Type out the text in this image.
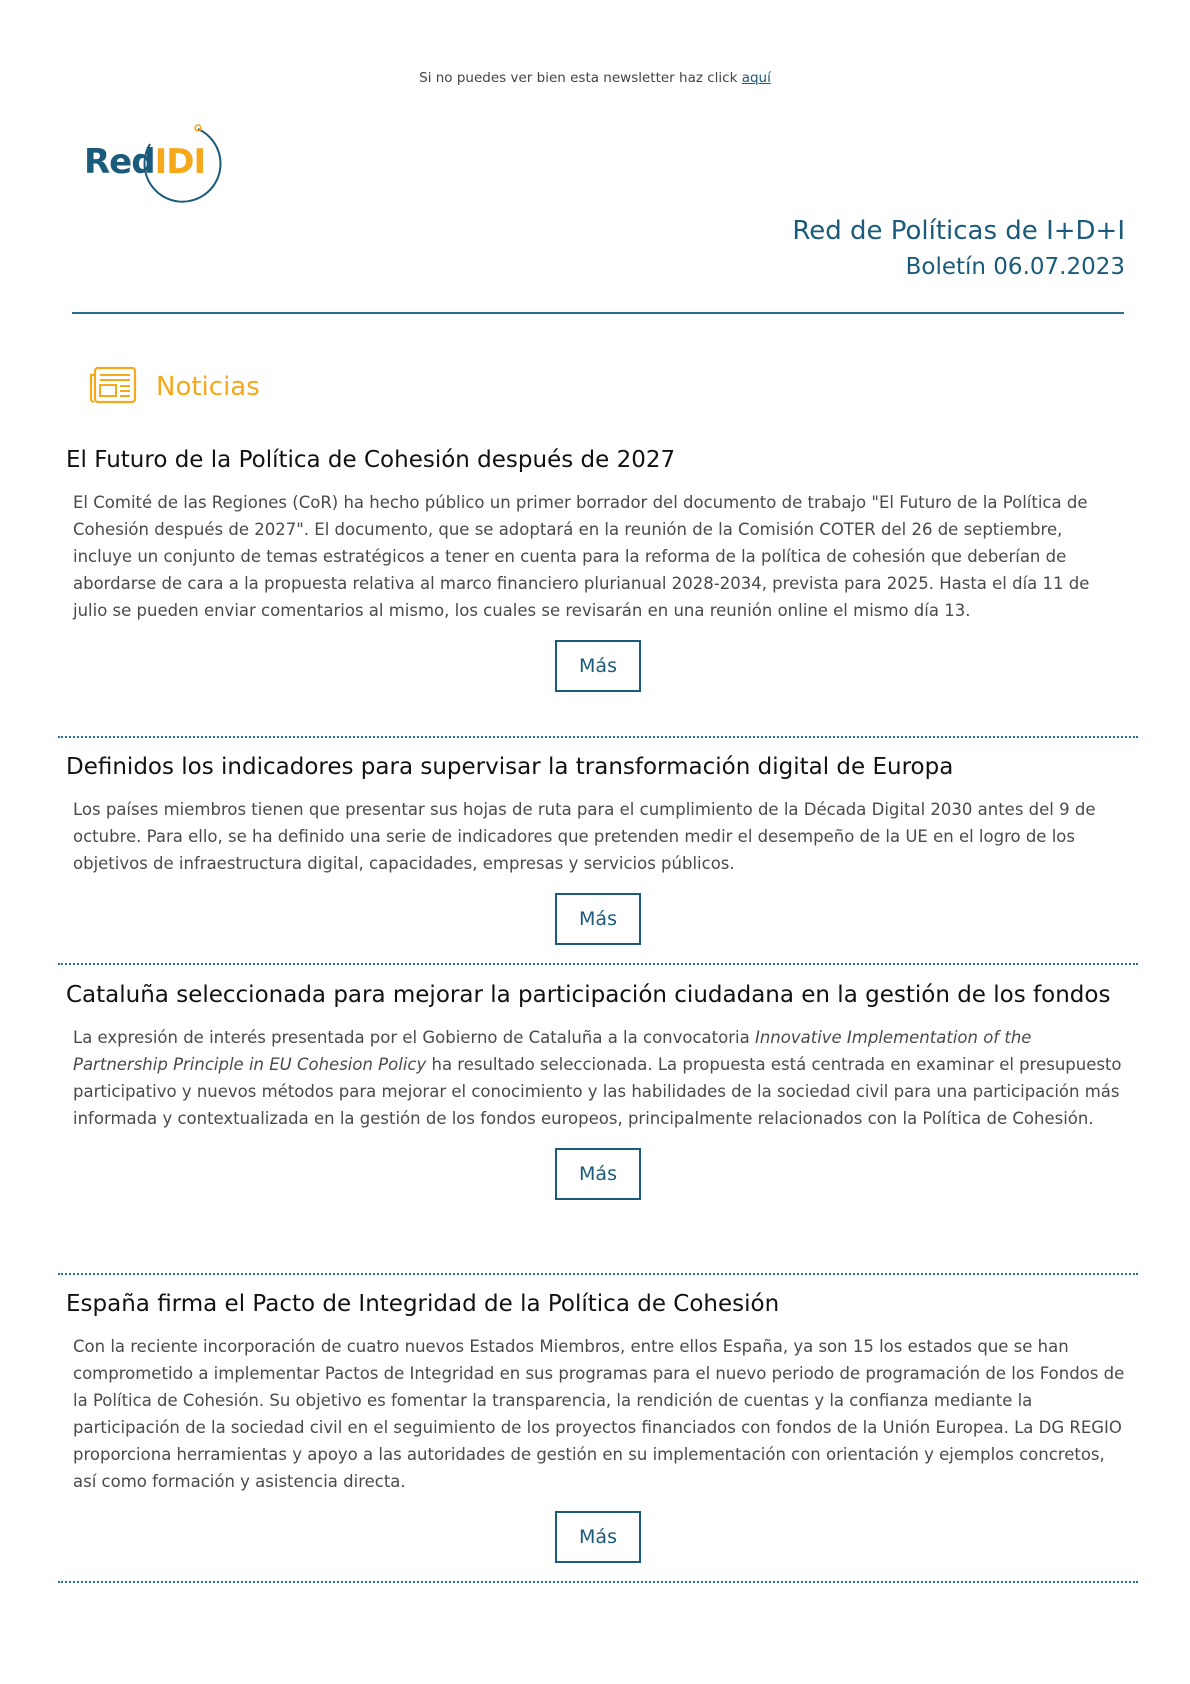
Si no puedes ver bien esta newsletter haz click aquí
RedIDI
Red de Políticas de I+D+I
Boletín 06.07.2023
Noticias
El Futuro de la Política de Cohesión después de 2027

El Comité de las Regiones (CoR) ha hecho público un primer borrador del documento de trabajo "El Futuro de la Política de Cohesión después de 2027". El documento, que se adoptará en la reunión de la Comisión COTER del 26 de septiembre, incluye un conjunto de temas estratégicos a tener en cuenta para la reforma de la política de cohesión que deberían de abordarse de cara a la propuesta relativa al marco financiero plurianual 2028-2034, prevista para 2025. Hasta el día 11 de julio se pueden enviar comentarios al mismo, los cuales se revisarán en una reunión online el mismo día 13.

Más
Definidos los indicadores para supervisar la transformación digital de Europa

Los países miembros tienen que presentar sus hojas de ruta para el cumplimiento de la Década Digital 2030 antes del 9 de octubre. Para ello, se ha definido una serie de indicadores que pretenden medir el desempeño de la UE en el logro de los objetivos de infraestructura digital, capacidades, empresas y servicios públicos.

Más
Cataluña seleccionada para mejorar la participación ciudadana en la gestión de los fondos

La expresión de interés presentada por el Gobierno de Cataluña a la convocatoria Innovative Implementation of the Partnership Principle in EU Cohesion Policy ha resultado seleccionada. La propuesta está centrada en examinar el presupuesto participativo y nuevos métodos para mejorar el conocimiento y las habilidades de la sociedad civil para una participación más informada y contextualizada en la gestión de los fondos europeos, principalmente relacionados con la Política de Cohesión.

Más
España firma el Pacto de Integridad de la Política de Cohesión

Con la reciente incorporación de cuatro nuevos Estados Miembros, entre ellos España, ya son 15 los estados que se han comprometido a implementar Pactos de Integridad en sus programas para el nuevo periodo de programación de los Fondos de la Política de Cohesión. Su objetivo es fomentar la transparencia, la rendición de cuentas y la confianza mediante la participación de la sociedad civil en el seguimiento de los proyectos financiados con fondos de la Unión Europea. La DG REGIO proporciona herramientas y apoyo a las autoridades de gestión en su implementación con orientación y ejemplos concretos, así como formación y asistencia directa.

Más
